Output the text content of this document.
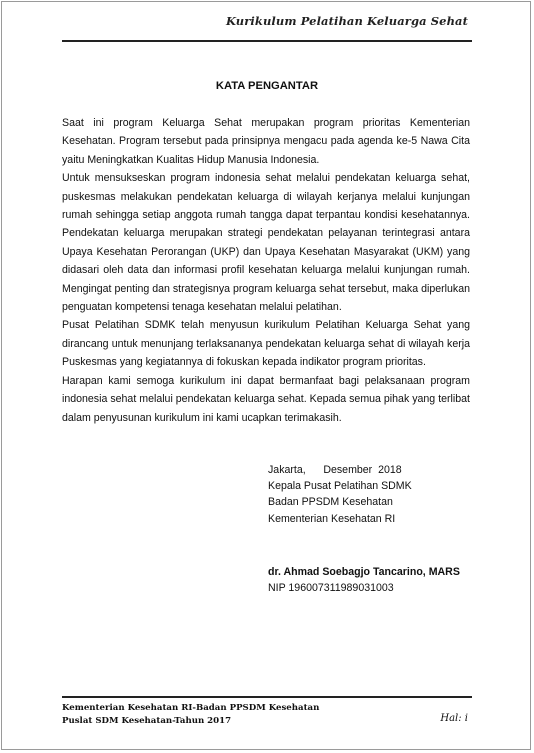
Kurikulum Pelatihan Keluarga Sehat
KATA PENGANTAR

Saat ini program Keluarga Sehat merupakan program prioritas Kementerian Kesehatan. Program tersebut pada prinsipnya mengacu pada agenda ke-5 Nawa Cita yaitu Meningkatkan Kualitas Hidup Manusia Indonesia.

Untuk mensukseskan program indonesia sehat melalui pendekatan keluarga sehat, puskesmas melakukan pendekatan keluarga di wilayah kerjanya melalui kunjungan rumah sehingga setiap anggota rumah tangga dapat terpantau kondisi kesehatannya. Pendekatan keluarga merupakan strategi pendekatan pelayanan terintegrasi antara Upaya Kesehatan Perorangan (UKP) dan Upaya Kesehatan Masyarakat (UKM) yang didasari oleh data dan informasi profil kesehatan keluarga melalui kunjungan rumah. Mengingat penting dan strategisnya program keluarga sehat tersebut, maka diperlukan penguatan kompetensi tenaga kesehatan melalui pelatihan.

Pusat Pelatihan SDMK telah menyusun kurikulum Pelatihan Keluarga Sehat yang dirancang untuk menunjang terlaksananya pendekatan keluarga sehat di wilayah kerja Puskesmas yang kegiatannya di fokuskan kepada indikator program prioritas.

Harapan kami semoga kurikulum ini dapat bermanfaat bagi pelaksanaan program indonesia sehat melalui pendekatan keluarga sehat. Kepada semua pihak yang terlibat dalam penyusunan kurikulum ini kami ucapkan terimakasih.

Jakarta,      Desember  2018
Kepala Pusat Pelatihan SDMK
Badan PPSDM Kesehatan
Kementerian Kesehatan RI
dr. Ahmad Soebagjo Tancarino, MARS
NIP 196007311989031003
Kementerian Kesehatan RI-Badan PPSDM Kesehatan
Puslat SDM Kesehatan-Tahun 2017	Hal: i
